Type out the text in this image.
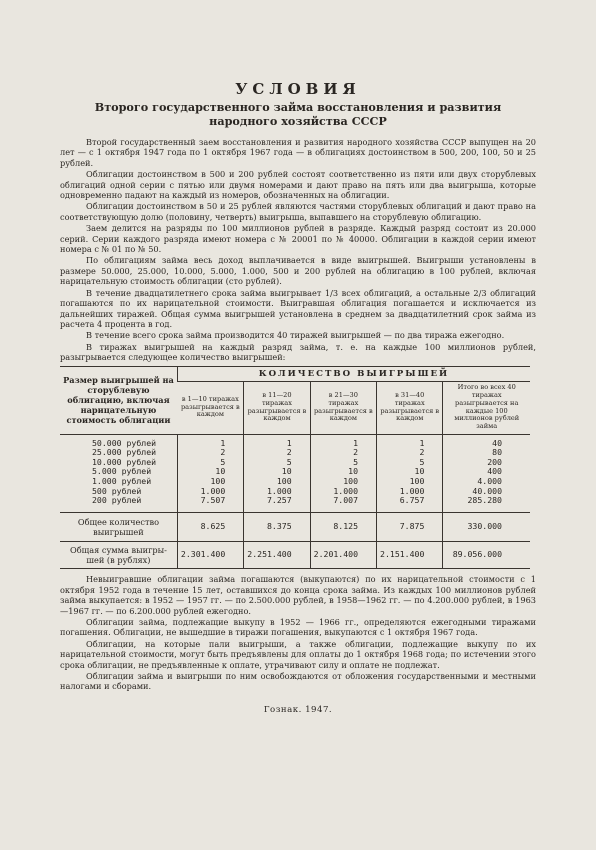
УСЛОВИЯ
Второго государственного займа восстановления и развития
народного хозяйства СССР

Второй государственный заем восстановления и развития народного хозяйства СССР выпущен на 20 лет — с 1 октября 1947 года по 1 октября 1967 года — в облигациях достоинством в 500, 200, 100, 50 и 25 рублей.

Облигации достоинством в 500 и 200 рублей состоят соответственно из пяти или двух сторублевых облигаций одной серии с пятью или двумя номерами и дают право на пять или два выигрыша, которые одновременно падают на каждый из номеров, обозначенных на облигации.

Облигации достоинством в 50 и 25 рублей являются частями сторублевых облигаций и дают право на соответствующую долю (половину, четверть) выигрыша, выпавшего на сторублевую облигацию.

Заем делится на разряды по 100 миллионов рублей в разряде. Каждый разряд состоит из 20.000 серий. Серии каждого разряда имеют номера с № 20001 по № 40000. Облигации в каждой серии имеют номера с № 01 по № 50.

По облигациям займа весь доход выплачивается в виде выигрышей. Выигрыши установлены в размере 50.000, 25.000, 10.000, 5.000, 1.000, 500 и 200 рублей на облигацию в 100 рублей, включая нарицательную стоимость облигации (сто рублей).

В течение двадцатилетнего срока займа выигрывает 1/3 всех облигаций, а остальные 2/3 облигаций погашаются по их нарицательной стоимости. Выигравшая облигация погашается и исключается из дальнейших тиражей. Общая сумма выигрышей установлена в среднем за двадцатилетний срок займа из расчета 4 процента в год.

В течение всего срока займа производится 40 тиражей выигрышей — по два тиража ежегодно.

В тиражах выигрышей на каждый разряд займа, т. е. на каждые 100 миллионов рублей, разыгрывается следующее количество выигрышей:

Размер выигрышей на сторублевую облигацию, включая нарицательную стоимость облигации	КОЛИЧЕСТВО ВЫИГРЫШЕЙ				
	в 1—10 тиражах разыгрывается в каждом	в 11—20 тиражах разыгрывается в каждом	в 21—30 тиражах разыгрывается в каждом	в 31—40 тиражах разыгрывается в каждом	Итого во всех 40 тиражах разыгрывается на каждые 100 миллионов рублей займа
50.000 рублей	1	1	1	1	40
25.000 рублей	2	2	2	2	80
10.000 рублей	5	5	5	5	200
5.000 рублей	10	10	10	10	400
1.000 рублей	100	100	100	100	4.000
500 рублей	1.000	1.000	1.000	1.000	40.000
200 рублей	7.507	7.257	7.007	6.757	285.280
Общее количество
выигрышей	8.625	8.375	8.125	7.875	330.000
Общая сумма выигры-
шей (в рублях)	2.301.400	2.251.400	2.201.400	2.151.400	89.056.000

Невыигравшие облигации займа погашаются (выкупаются) по их нарицательной стоимости с 1 октября 1952 года в течение 15 лет, оставшихся до конца срока займа. Из каждых 100 миллионов рублей займа выкупается: в 1952 — 1957 гг. — по 2.500.000 рублей, в 1958—1962 гг. — по 4.200.000 рублей, в 1963—1967 гг. — по 6.200.000 рублей ежегодно.

Облигации займа, подлежащие выкупу в 1952 — 1966 гг., определяются ежегодными тиражами погашения. Облигации, не вышедшие в тиражи погашения, выкупаются с 1 октября 1967 года.

Облигации, на которые пали выигрыши, а также облигации, подлежащие выкупу по их нарицательной стоимости, могут быть предъявлены для оплаты до 1 октября 1968 года; по истечении этого срока облигации, не предъявленные к оплате, утрачивают силу и оплате не подлежат.

Облигации займа и выигрыши по ним освобождаются от обложения государственными и местными налогами и сборами.

Гознак. 1947.
